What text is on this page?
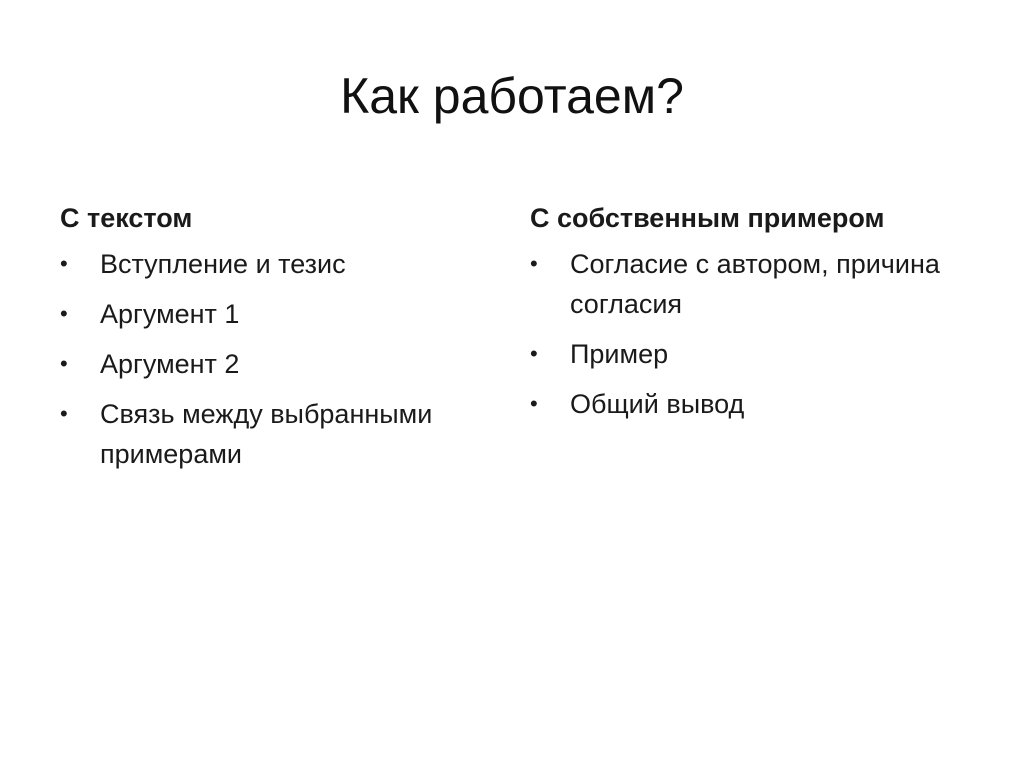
Как работаем?
С текстом
•	Вступление и тезис
•	Аргумент 1
•	Аргумент 2
•	Связь между выбранными примерами
С собственным примером
•	Согласие с автором, причина согласия
•	Пример
•	Общий вывод
